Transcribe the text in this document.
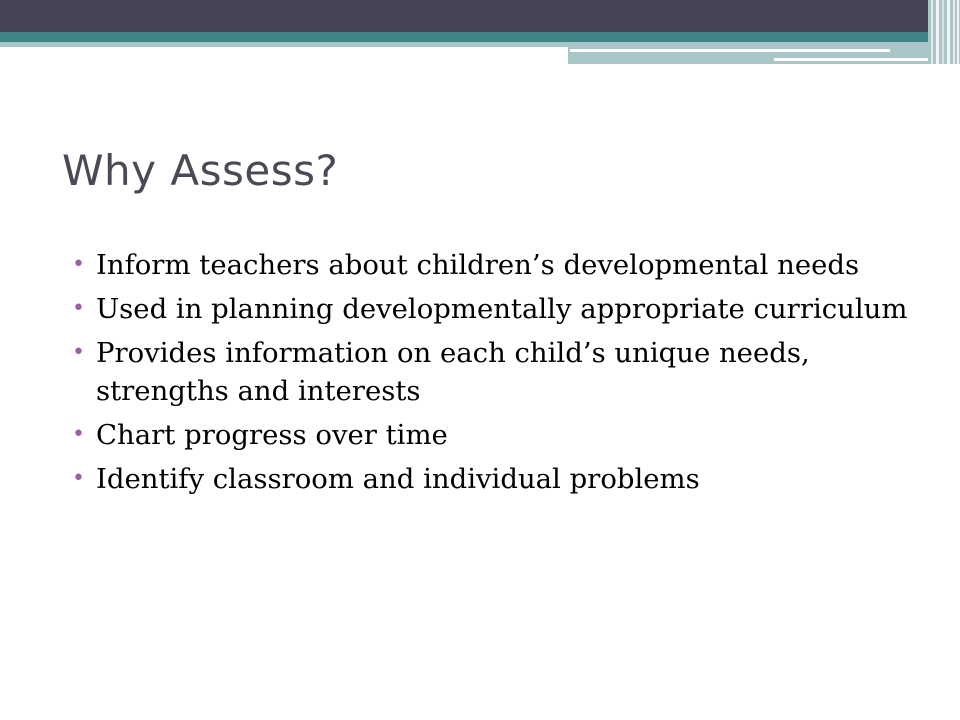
Why Assess?
• Inform teachers about children’s developmental needs
• Used in planning developmentally appropriate curriculum
• Provides information on each child’s unique needs, strengths and interests
• Chart progress over time
• Identify classroom and individual problems
